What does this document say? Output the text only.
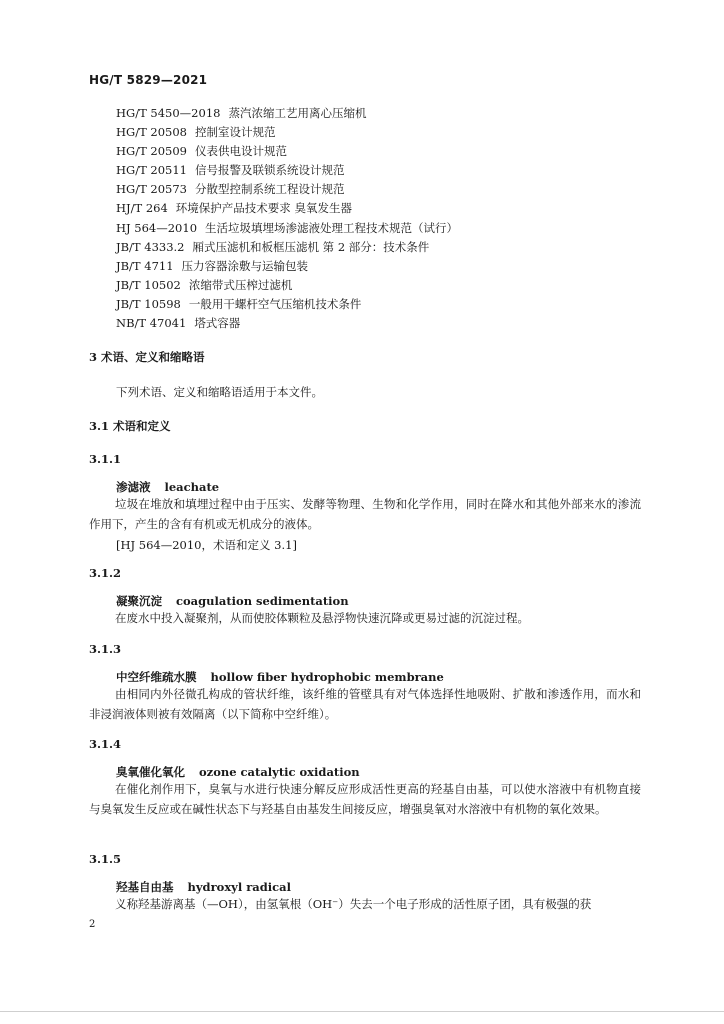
HG/T 5829—2021
HG/T 5450—2018 蒸汽浓缩工艺用离心压缩机
HG/T 20508 控制室设计规范
HG/T 20509 仪表供电设计规范
HG/T 20511 信号报警及联锁系统设计规范
HG/T 20573 分散型控制系统工程设计规范
HJ/T 264 环境保护产品技术要求 臭氧发生器
HJ 564—2010 生活垃圾填埋场渗滤液处理工程技术规范（试行）
JB/T 4333.2 厢式压滤机和板框压滤机 第 2 部分：技术条件
JB/T 4711 压力容器涂敷与运输包装
JB/T 10502 浓缩带式压榨过滤机
JB/T 10598 一般用干螺杆空气压缩机技术条件
NB/T 47041 塔式容器
3 术语、定义和缩略语
下列术语、定义和缩略语适用于本文件。
3.1 术语和定义
3.1.1
渗滤液 leachate
垃圾在堆放和填埋过程中由于压实、发酵等物理、生物和化学作用，同时在降水和其他外部来水的渗流作用下，产生的含有有机或无机成分的液体。
[HJ 564—2010，术语和定义 3.1]
3.1.2
凝聚沉淀 coagulation sedimentation
在废水中投入凝聚剂，从而使胶体颗粒及悬浮物快速沉降或更易过滤的沉淀过程。
3.1.3
中空纤维疏水膜 hollow fiber hydrophobic membrane
由相同内外径微孔构成的管状纤维，该纤维的管壁具有对气体选择性地吸附、扩散和渗透作用，而水和非浸润液体则被有效隔离（以下简称中空纤维）。
3.1.4
臭氧催化氧化 ozone catalytic oxidation
在催化剂作用下，臭氧与水进行快速分解反应形成活性更高的羟基自由基，可以使水溶液中有机物直接与臭氧发生反应或在碱性状态下与羟基自由基发生间接反应，增强臭氧对水溶液中有机物的氧化效果。
3.1.5
羟基自由基 hydroxyl radical
义称羟基游离基（—OH），由氢氧根（OH⁻）失去一个电子形成的活性原子团，具有极强的获
2
